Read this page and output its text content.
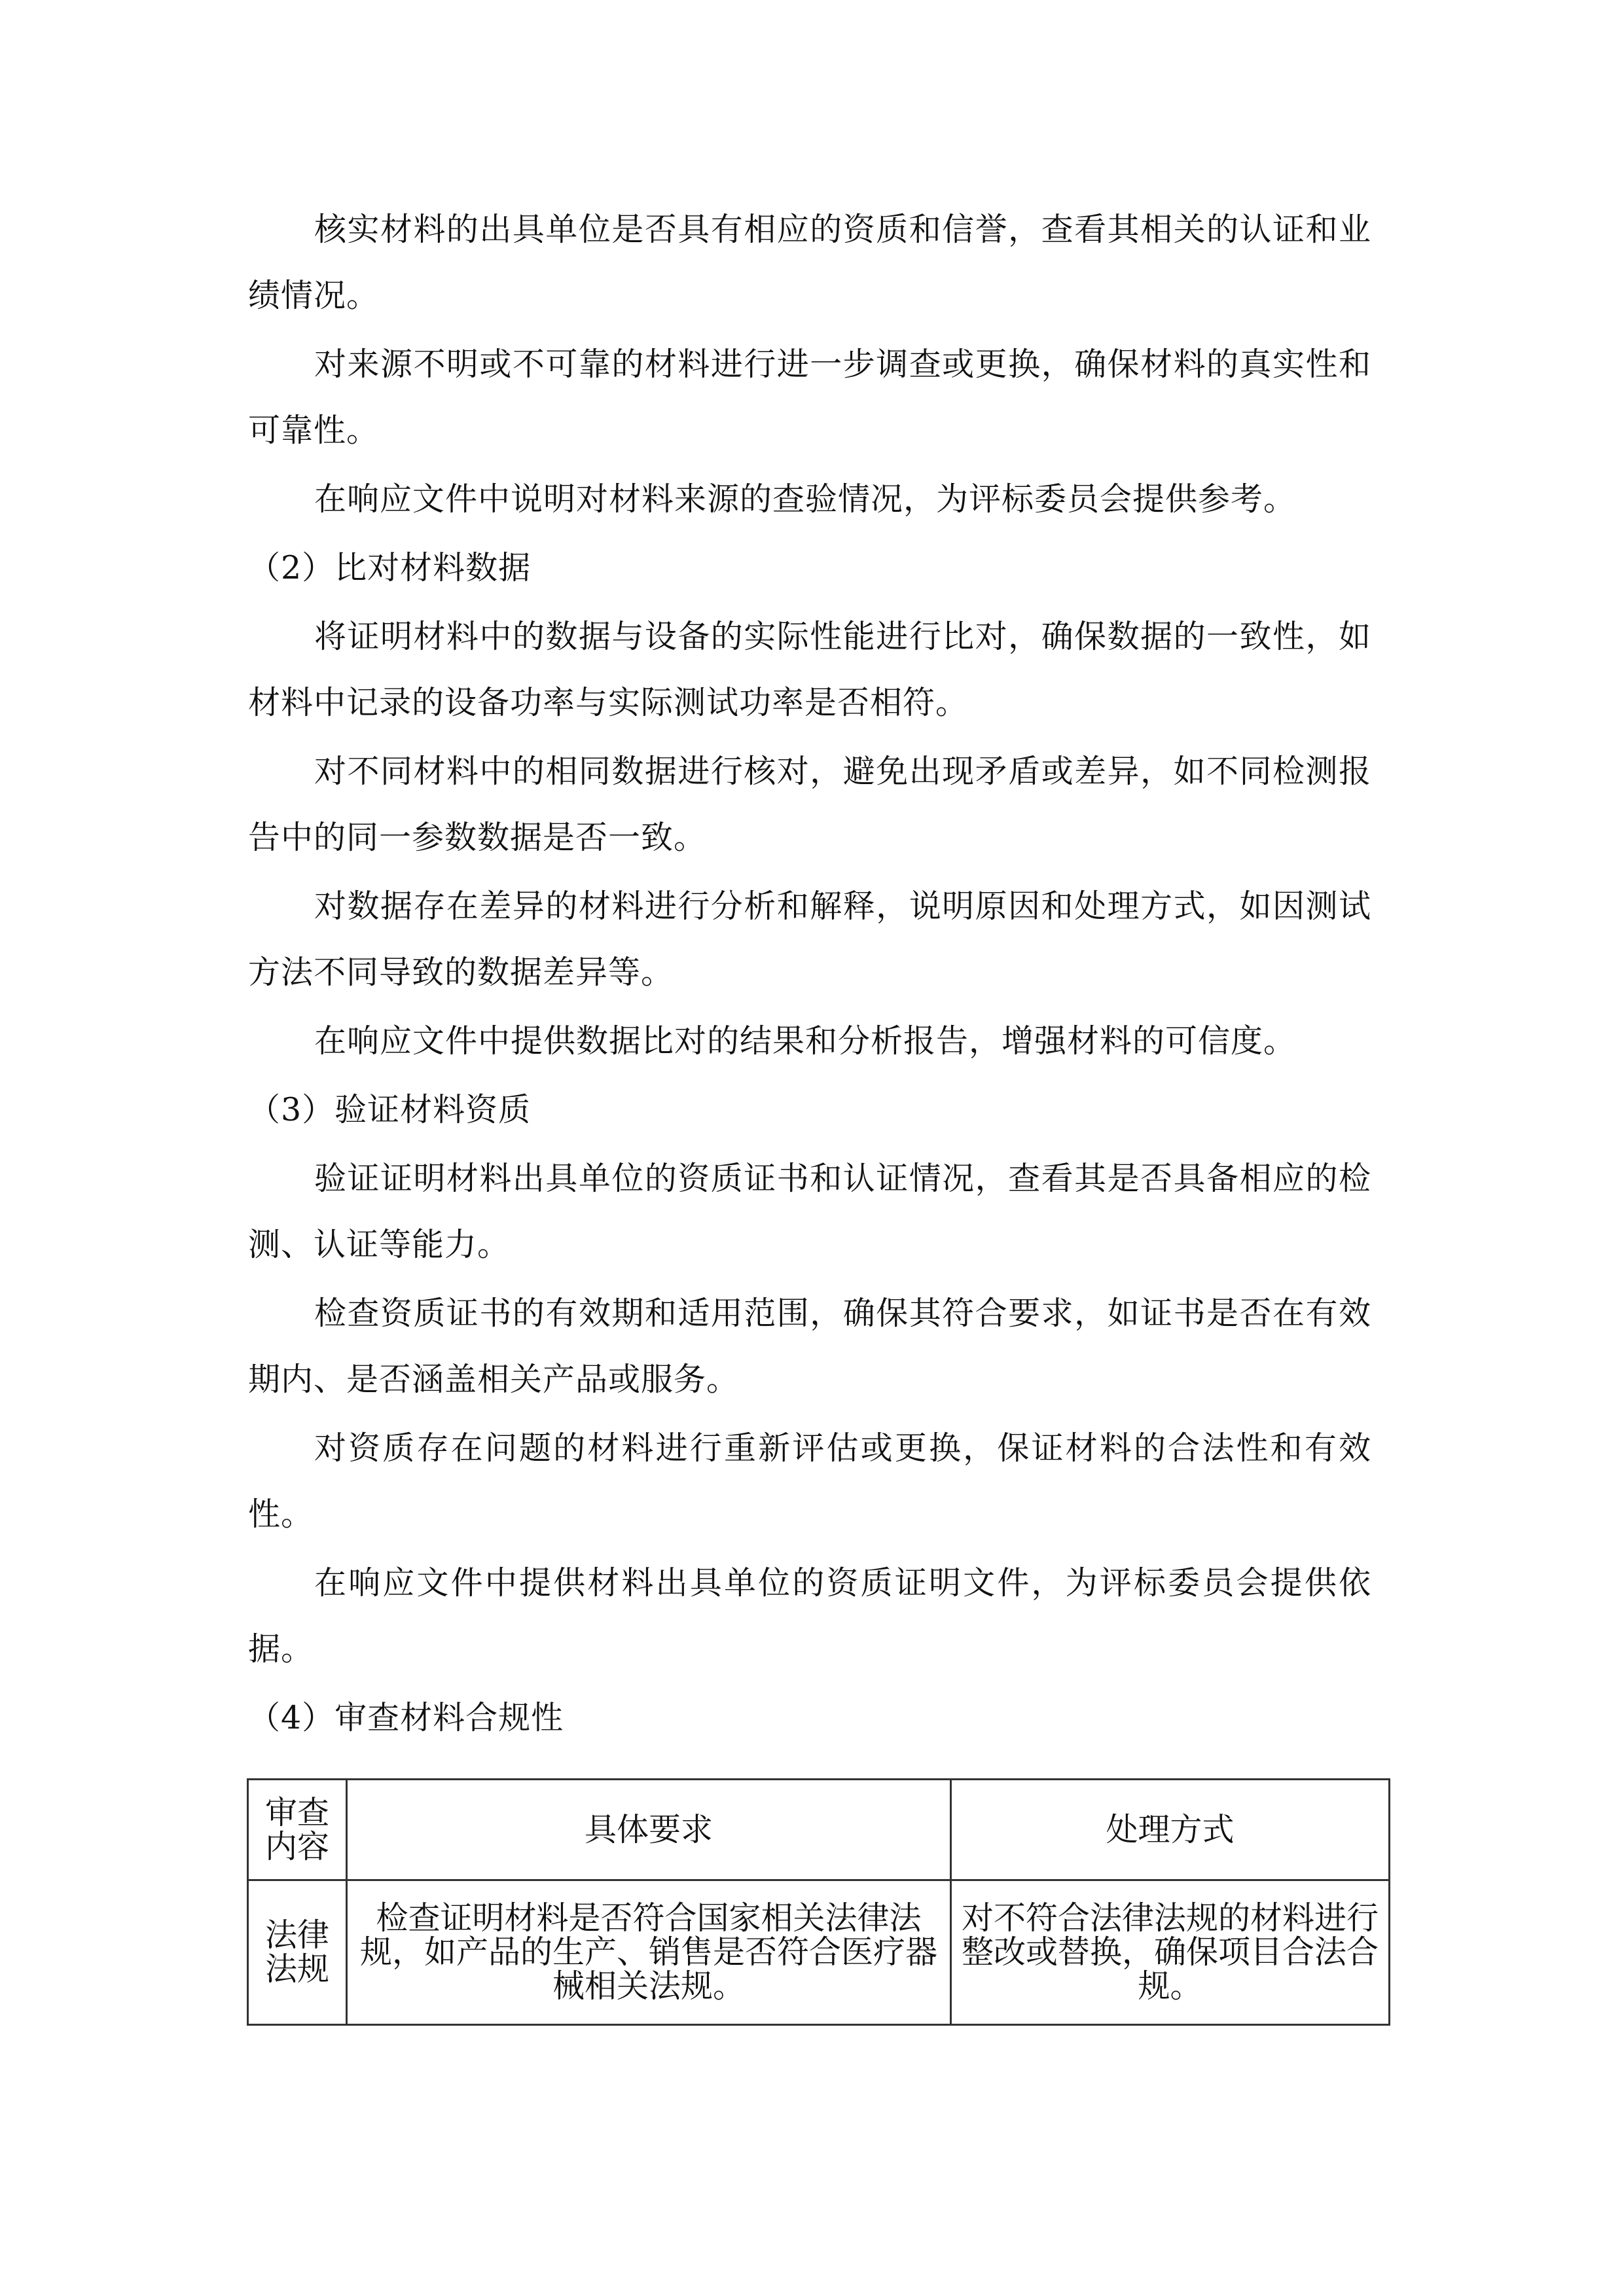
核实材料的出具单位是否具有相应的资质和信誉，查看其相关的认证和业绩情况。

对来源不明或不可靠的材料进行进一步调查或更换，确保材料的真实性和可靠性。

在响应文件中说明对材料来源的查验情况，为评标委员会提供参考。

（2）比对材料数据

将证明材料中的数据与设备的实际性能进行比对，确保数据的一致性，如材料中记录的设备功率与实际测试功率是否相符。

对不同材料中的相同数据进行核对，避免出现矛盾或差异，如不同检测报告中的同一参数数据是否一致。

对数据存在差异的材料进行分析和解释，说明原因和处理方式，如因测试方法不同导致的数据差异等。

在响应文件中提供数据比对的结果和分析报告，增强材料的可信度。

（3）验证材料资质

验证证明材料出具单位的资质证书和认证情况，查看其是否具备相应的检测、认证等能力。

检查资质证书的有效期和适用范围，确保其符合要求，如证书是否在有效期内、是否涵盖相关产品或服务。

对资质存在问题的材料进行重新评估或更换，保证材料的合法性和有效性。

在响应文件中提供材料出具单位的资质证明文件，为评标委员会提供依据。

（4）审查材料合规性

审查内容	具体要求	处理方式
法律法规	检查证明材料是否符合国家相关法律法规，如产品的生产、销售是否符合医疗器械相关法规。	对不符合法律法规的材料进行整改或替换，确保项目合法合规。
